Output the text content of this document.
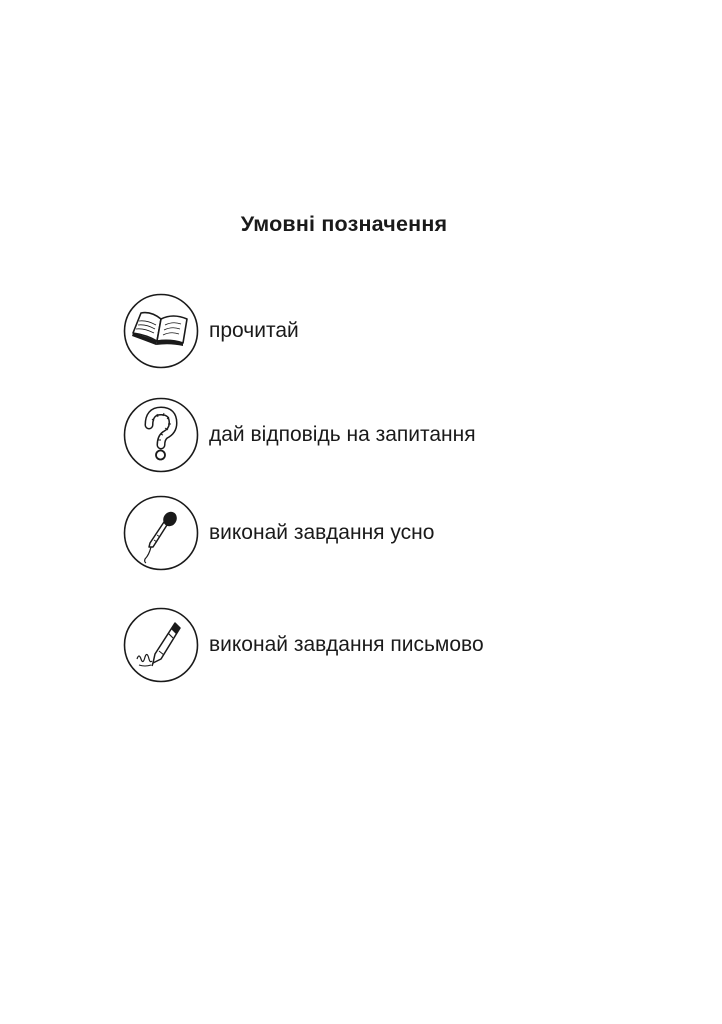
Умовні позначення
прочитай
дай відповідь на запитання
виконай завдання усно
виконай завдання письмово
